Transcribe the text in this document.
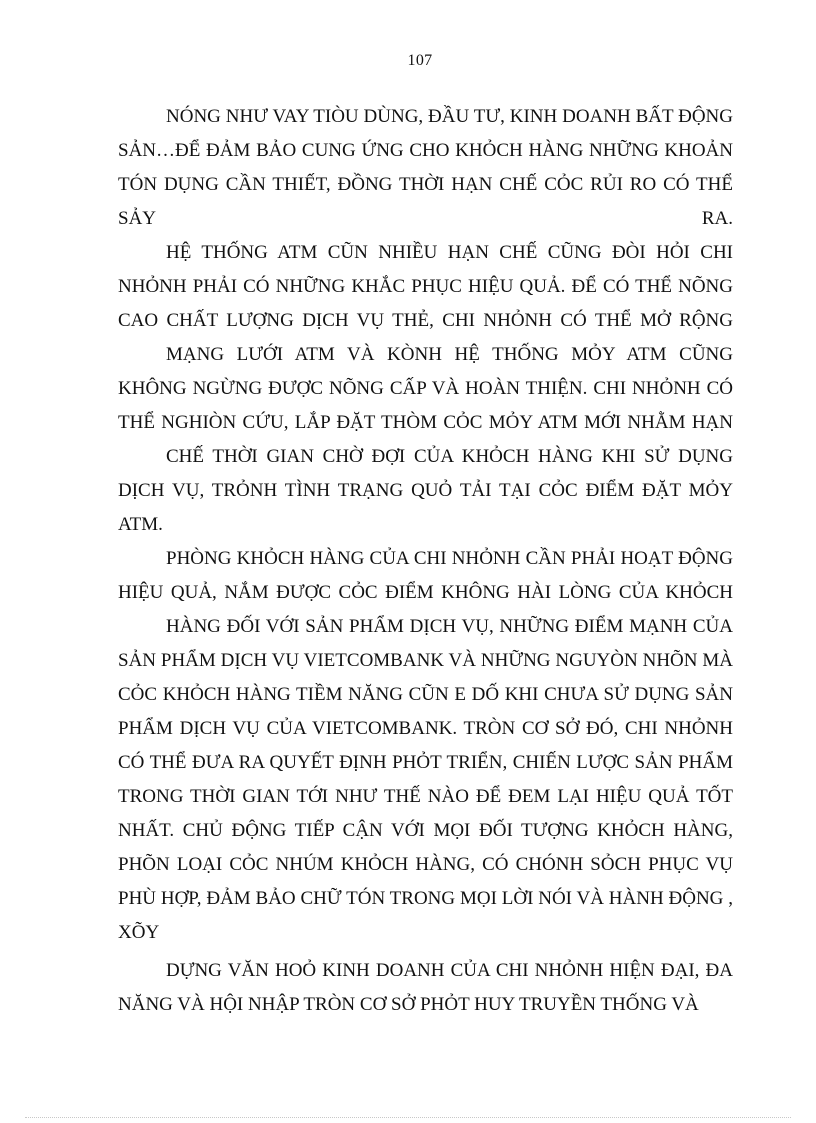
107
NÓNG NHƯ VAY TIÒU DÙNG, ĐẦU TƯ, KINH DOANH BẤT ĐỘNG
SẢN…ĐỂ ĐẢM BẢO CUNG ỨNG CHO KHỎCH HÀNG NHỮNG KHOẢN
TÓN DỤNG CẦN THIẾT, ĐỒNG THỜI HẠN CHẾ CỎC RỦI RO CÓ THỂ
SẢY	RA.
HỆ THỐNG ATM CŨN NHIỀU HẠN CHẾ CŨNG ĐÒI HỎI CHI
NHỎNH PHẢI CÓ NHỮNG KHẮC PHỤC HIỆU QUẢ. ĐỂ CÓ THỂ NÕNG
CAO CHẤT LƯỢNG DỊCH VỤ THẺ, CHI NHỎNH CÓ THỂ MỞ RỘNG
MẠNG LƯỚI ATM VÀ KÒNH HỆ THỐNG MỎY ATM CŨNG
KHÔNG NGỪNG ĐƯỢC NÕNG CẤP VÀ HOÀN THIỆN. CHI NHỎNH CÓ
THỂ NGHIÒN CỨU, LẮP ĐẶT THÒM CỎC MỎY ATM MỚI NHẰM HẠN
CHẾ THỜI GIAN CHỜ ĐỢI CỦA KHỎCH HÀNG KHI SỬ DỤNG
DỊCH VỤ, TRỎNH TÌNH TRẠNG QUỎ TẢI TẠI CỎC ĐIỂM ĐẶT MỎY
ATM.
PHÒNG KHỎCH HÀNG CỦA CHI NHỎNH CẦN PHẢI HOẠT ĐỘNG
HIỆU QUẢ, NẮM ĐƯỢC CỎC ĐIỂM KHÔNG HÀI LÒNG CỦA KHỎCH
HÀNG ĐỐI VỚI SẢN PHẨM DỊCH VỤ, NHỮNG ĐIỂM MẠNH CỦA
SẢN PHẨM DỊCH VỤ VIETCOMBANK VÀ NHỮNG NGUYÒN NHÕN MÀ
CỎC KHỎCH HÀNG TIỀM NĂNG CŨN E DỐ KHI CHƯA SỬ DỤNG SẢN
PHẨM DỊCH VỤ CỦA VIETCOMBANK. TRÒN CƠ SỞ ĐÓ, CHI NHỎNH
CÓ THỂ ĐƯA RA QUYẾT ĐỊNH PHỎT TRIỂN, CHIẾN LƯỢC SẢN PHẨM
TRONG THỜI GIAN TỚI NHƯ THẾ NÀO ĐỂ ĐEM LẠI HIỆU QUẢ TỐT
NHẤT. CHỦ ĐỘNG TIẾP CẬN VỚI MỌI ĐỐI TƯỢNG KHỎCH HÀNG,
PHÕN LOẠI CỎC NHÚM KHỎCH HÀNG, CÓ CHÓNH SỎCH PHỤC VỤ
PHÙ HỢP, ĐẢM BẢO CHỮ TÓN TRONG MỌI LỜI NÓI VÀ HÀNH ĐỘNG ,
XÕY
DỰNG VĂN HOỎ KINH DOANH CỦA CHI NHỎNH HIỆN ĐẠI, ĐA
NĂNG VÀ HỘI NHẬP TRÒN CƠ SỞ PHỎT HUY TRUYỀN THỐNG VÀ
